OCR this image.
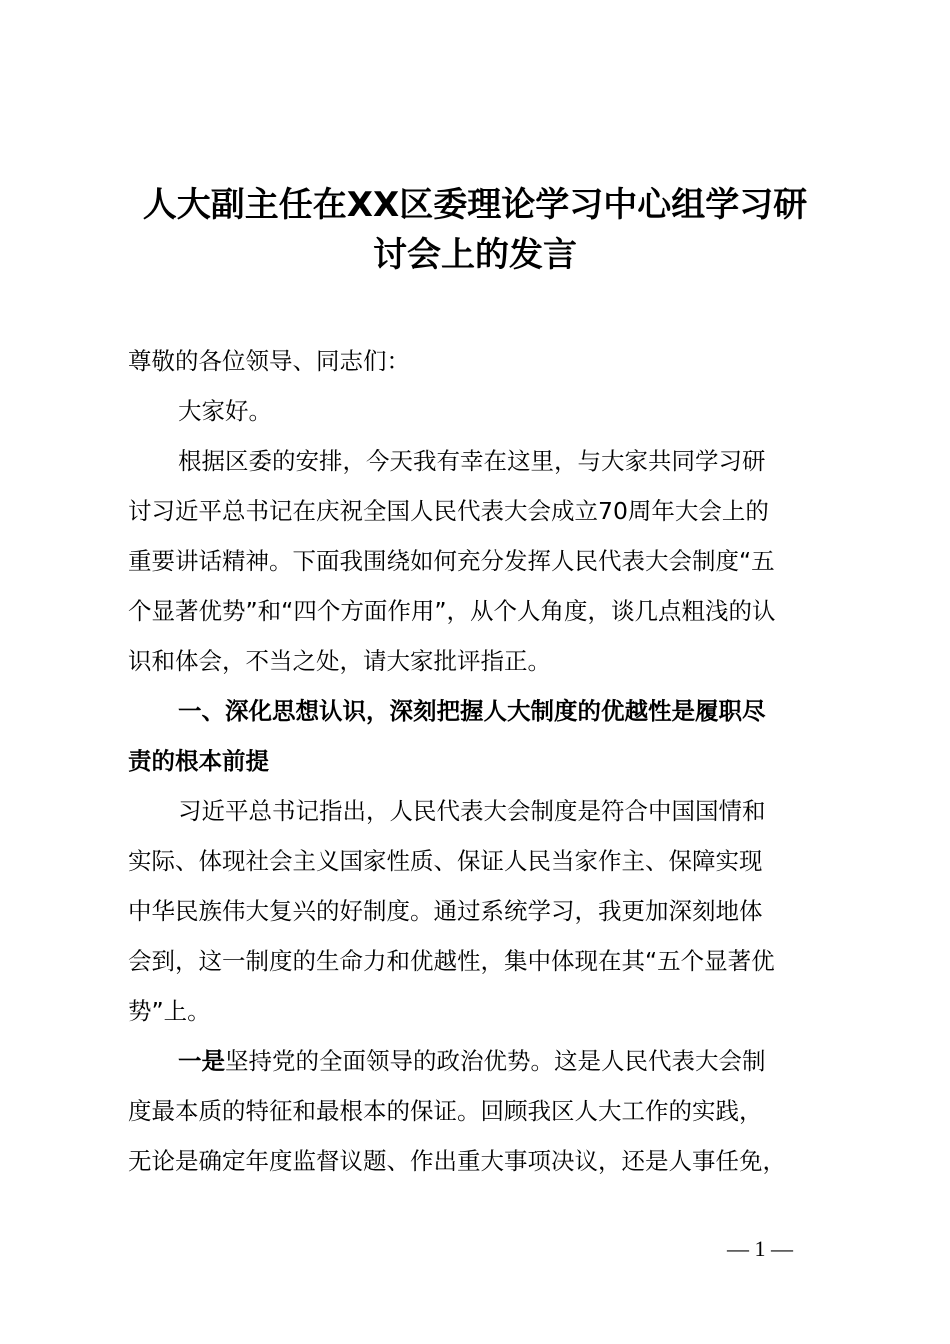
人大副主任在XX区委理论学习中心组学习研
讨会上的发言
尊敬的各位领导、同志们：
大家好。
根据区委的安排，今天我有幸在这里，与大家共同学习研
讨习近平总书记在庆祝全国人民代表大会成立70周年大会上的
重要讲话精神。下面我围绕如何充分发挥人民代表大会制度“五
个显著优势”和“四个方面作用”，从个人角度，谈几点粗浅的认
识和体会，不当之处，请大家批评指正。
一、深化思想认识，深刻把握人大制度的优越性是履职尽
责的根本前提
习近平总书记指出，人民代表大会制度是符合中国国情和
实际、体现社会主义国家性质、保证人民当家作主、保障实现
中华民族伟大复兴的好制度。通过系统学习，我更加深刻地体
会到，这一制度的生命力和优越性，集中体现在其“五个显著优
势”上。
一是坚持党的全面领导的政治优势。这是人民代表大会制
度最本质的特征和最根本的保证。回顾我区人大工作的实践，
无论是确定年度监督议题、作出重大事项决议，还是人事任免，
— 1 —
